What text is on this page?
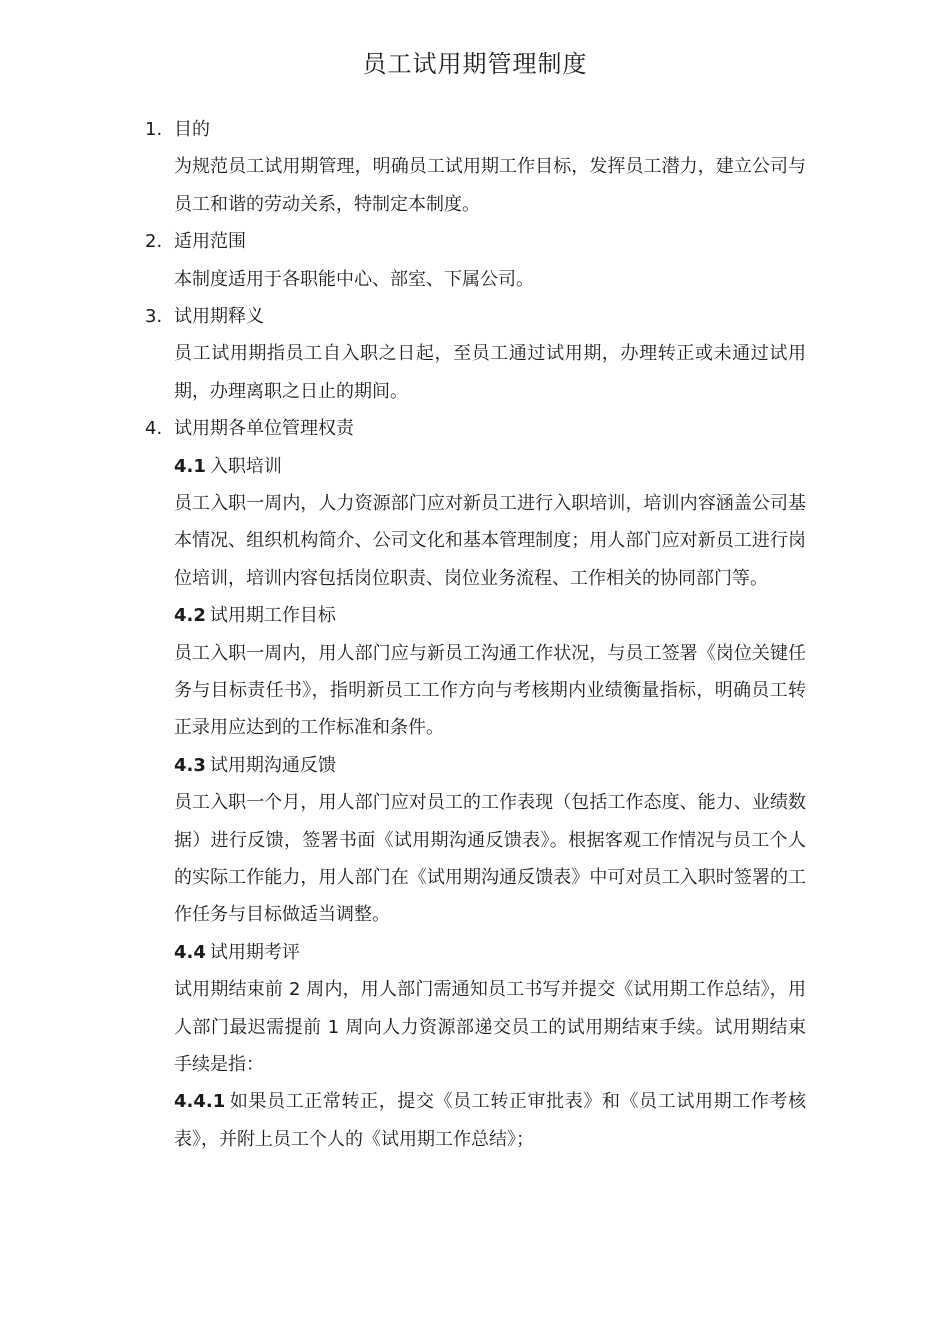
员工试用期管理制度
1. 目的
为规范员工试用期管理，明确员工试用期工作目标，发挥员工潜力，建立公司与员工和谐的劳动关系，特制定本制度。
2. 适用范围
本制度适用于各职能中心、部室、下属公司。
3. 试用期释义
员工试用期指员工自入职之日起，至员工通过试用期，办理转正或未通过试用期，办理离职之日止的期间。
4. 试用期各单位管理权责
4.1 入职培训
员工入职一周内，人力资源部门应对新员工进行入职培训，培训内容涵盖公司基本情况、组织机构简介、公司文化和基本管理制度；用人部门应对新员工进行岗位培训，培训内容包括岗位职责、岗位业务流程、工作相关的协同部门等。
4.2 试用期工作目标
员工入职一周内，用人部门应与新员工沟通工作状况，与员工签署《岗位关键任务与目标责任书》，指明新员工工作方向与考核期内业绩衡量指标，明确员工转正录用应达到的工作标准和条件。
4.3 试用期沟通反馈
员工入职一个月，用人部门应对员工的工作表现（包括工作态度、能力、业绩数据）进行反馈，签署书面《试用期沟通反馈表》。根据客观工作情况与员工个人的实际工作能力，用人部门在《试用期沟通反馈表》中可对员工入职时签署的工作任务与目标做适当调整。
4.4 试用期考评
试用期结束前 2 周内，用人部门需通知员工书写并提交《试用期工作总结》，用人部门最迟需提前 1 周向人力资源部递交员工的试用期结束手续。试用期结束手续是指：
4.4.1 如果员工正常转正，提交《员工转正审批表》和《员工试用期工作考核表》，并附上员工个人的《试用期工作总结》；
